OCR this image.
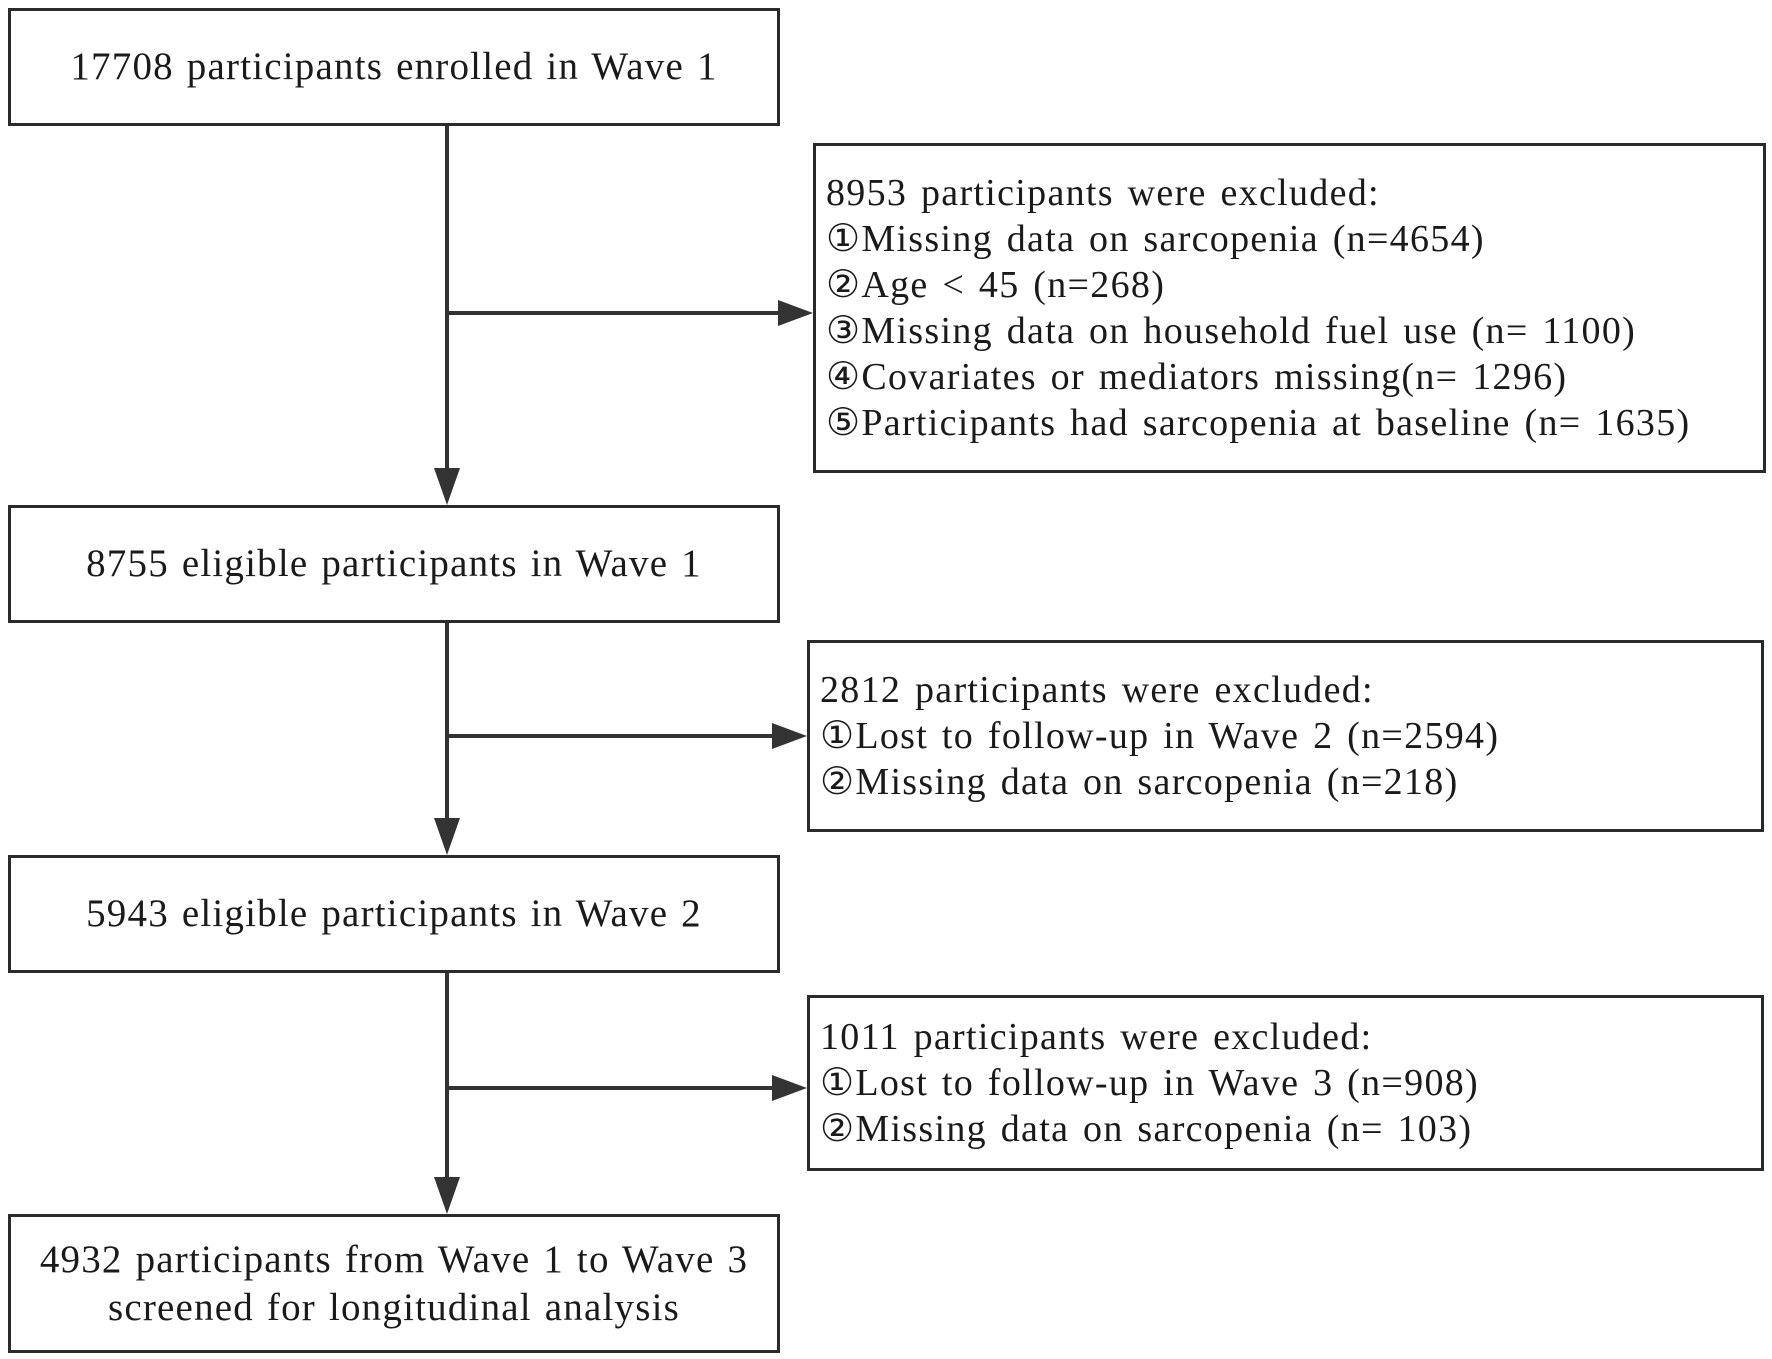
17708 participants enrolled in Wave 1
8755 eligible participants in Wave 1
5943 eligible participants in Wave 2
4932 participants from Wave 1 to Wave 3
screened for longitudinal analysis
8953 participants were excluded:
①Missing data on sarcopenia (n=4654)
②Age < 45 (n=268)
③Missing data on household fuel use (n= 1100)
④Covariates or mediators missing(n= 1296)
⑤Participants had sarcopenia at baseline (n= 1635)
2812 participants were excluded:
①Lost to follow-up in Wave 2 (n=2594)
②Missing data on sarcopenia (n=218)
1011 participants were excluded:
①Lost to follow-up in Wave 3 (n=908)
②Missing data on sarcopenia (n= 103)
